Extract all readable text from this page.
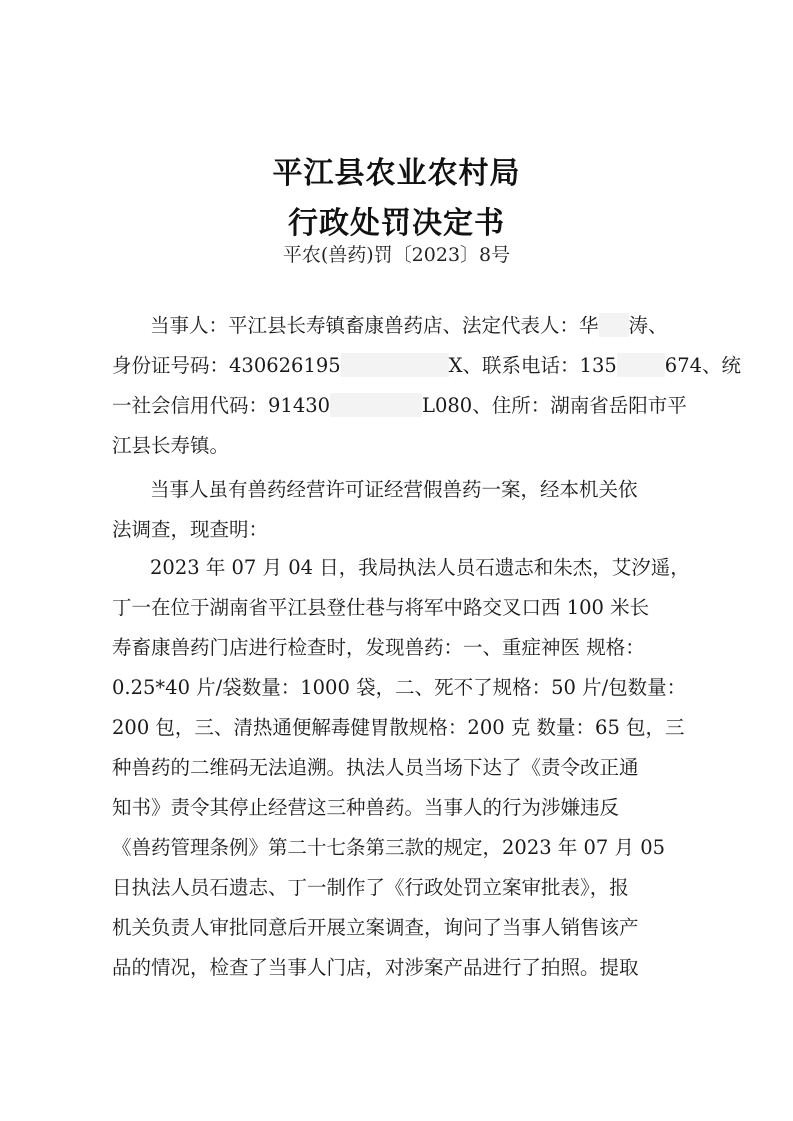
平江县农业农村局
行政处罚决定书
平农(兽药)罚〔2023〕8号
当事人：平江县长寿镇畜康兽药店、法定代表人：华 涛、
身份证号码：430626195	X、联系电话：135 674、统
一社会信用代码：91430	L080、住所：湖南省岳阳市平
江县长寿镇。
当事人虽有兽药经营许可证经营假兽药一案，经本机关依
法调查，现查明：
2023 年 07 月 04 日，我局执法人员石遗志和朱杰，艾汐遥，
丁一在位于湖南省平江县登仕巷与将军中路交叉口西 100 米长
寿畜康兽药门店进行检查时，发现兽药：一、重症神医 规格：
0.25*40 片/袋数量：1000 袋，二、死不了规格：50 片/包数量：
200 包，三、清热通便解毒健胃散规格：200 克 数量：65 包，三
种兽药的二维码无法追溯。执法人员当场下达了《责令改正通
知书》责令其停止经营这三种兽药。当事人的行为涉嫌违反
《兽药管理条例》第二十七条第三款的规定，2023 年 07 月 05
日执法人员石遗志、丁一制作了《行政处罚立案审批表》，报
机关负责人审批同意后开展立案调查，询问了当事人销售该产
品的情况，检查了当事人门店，对涉案产品进行了拍照。提取
